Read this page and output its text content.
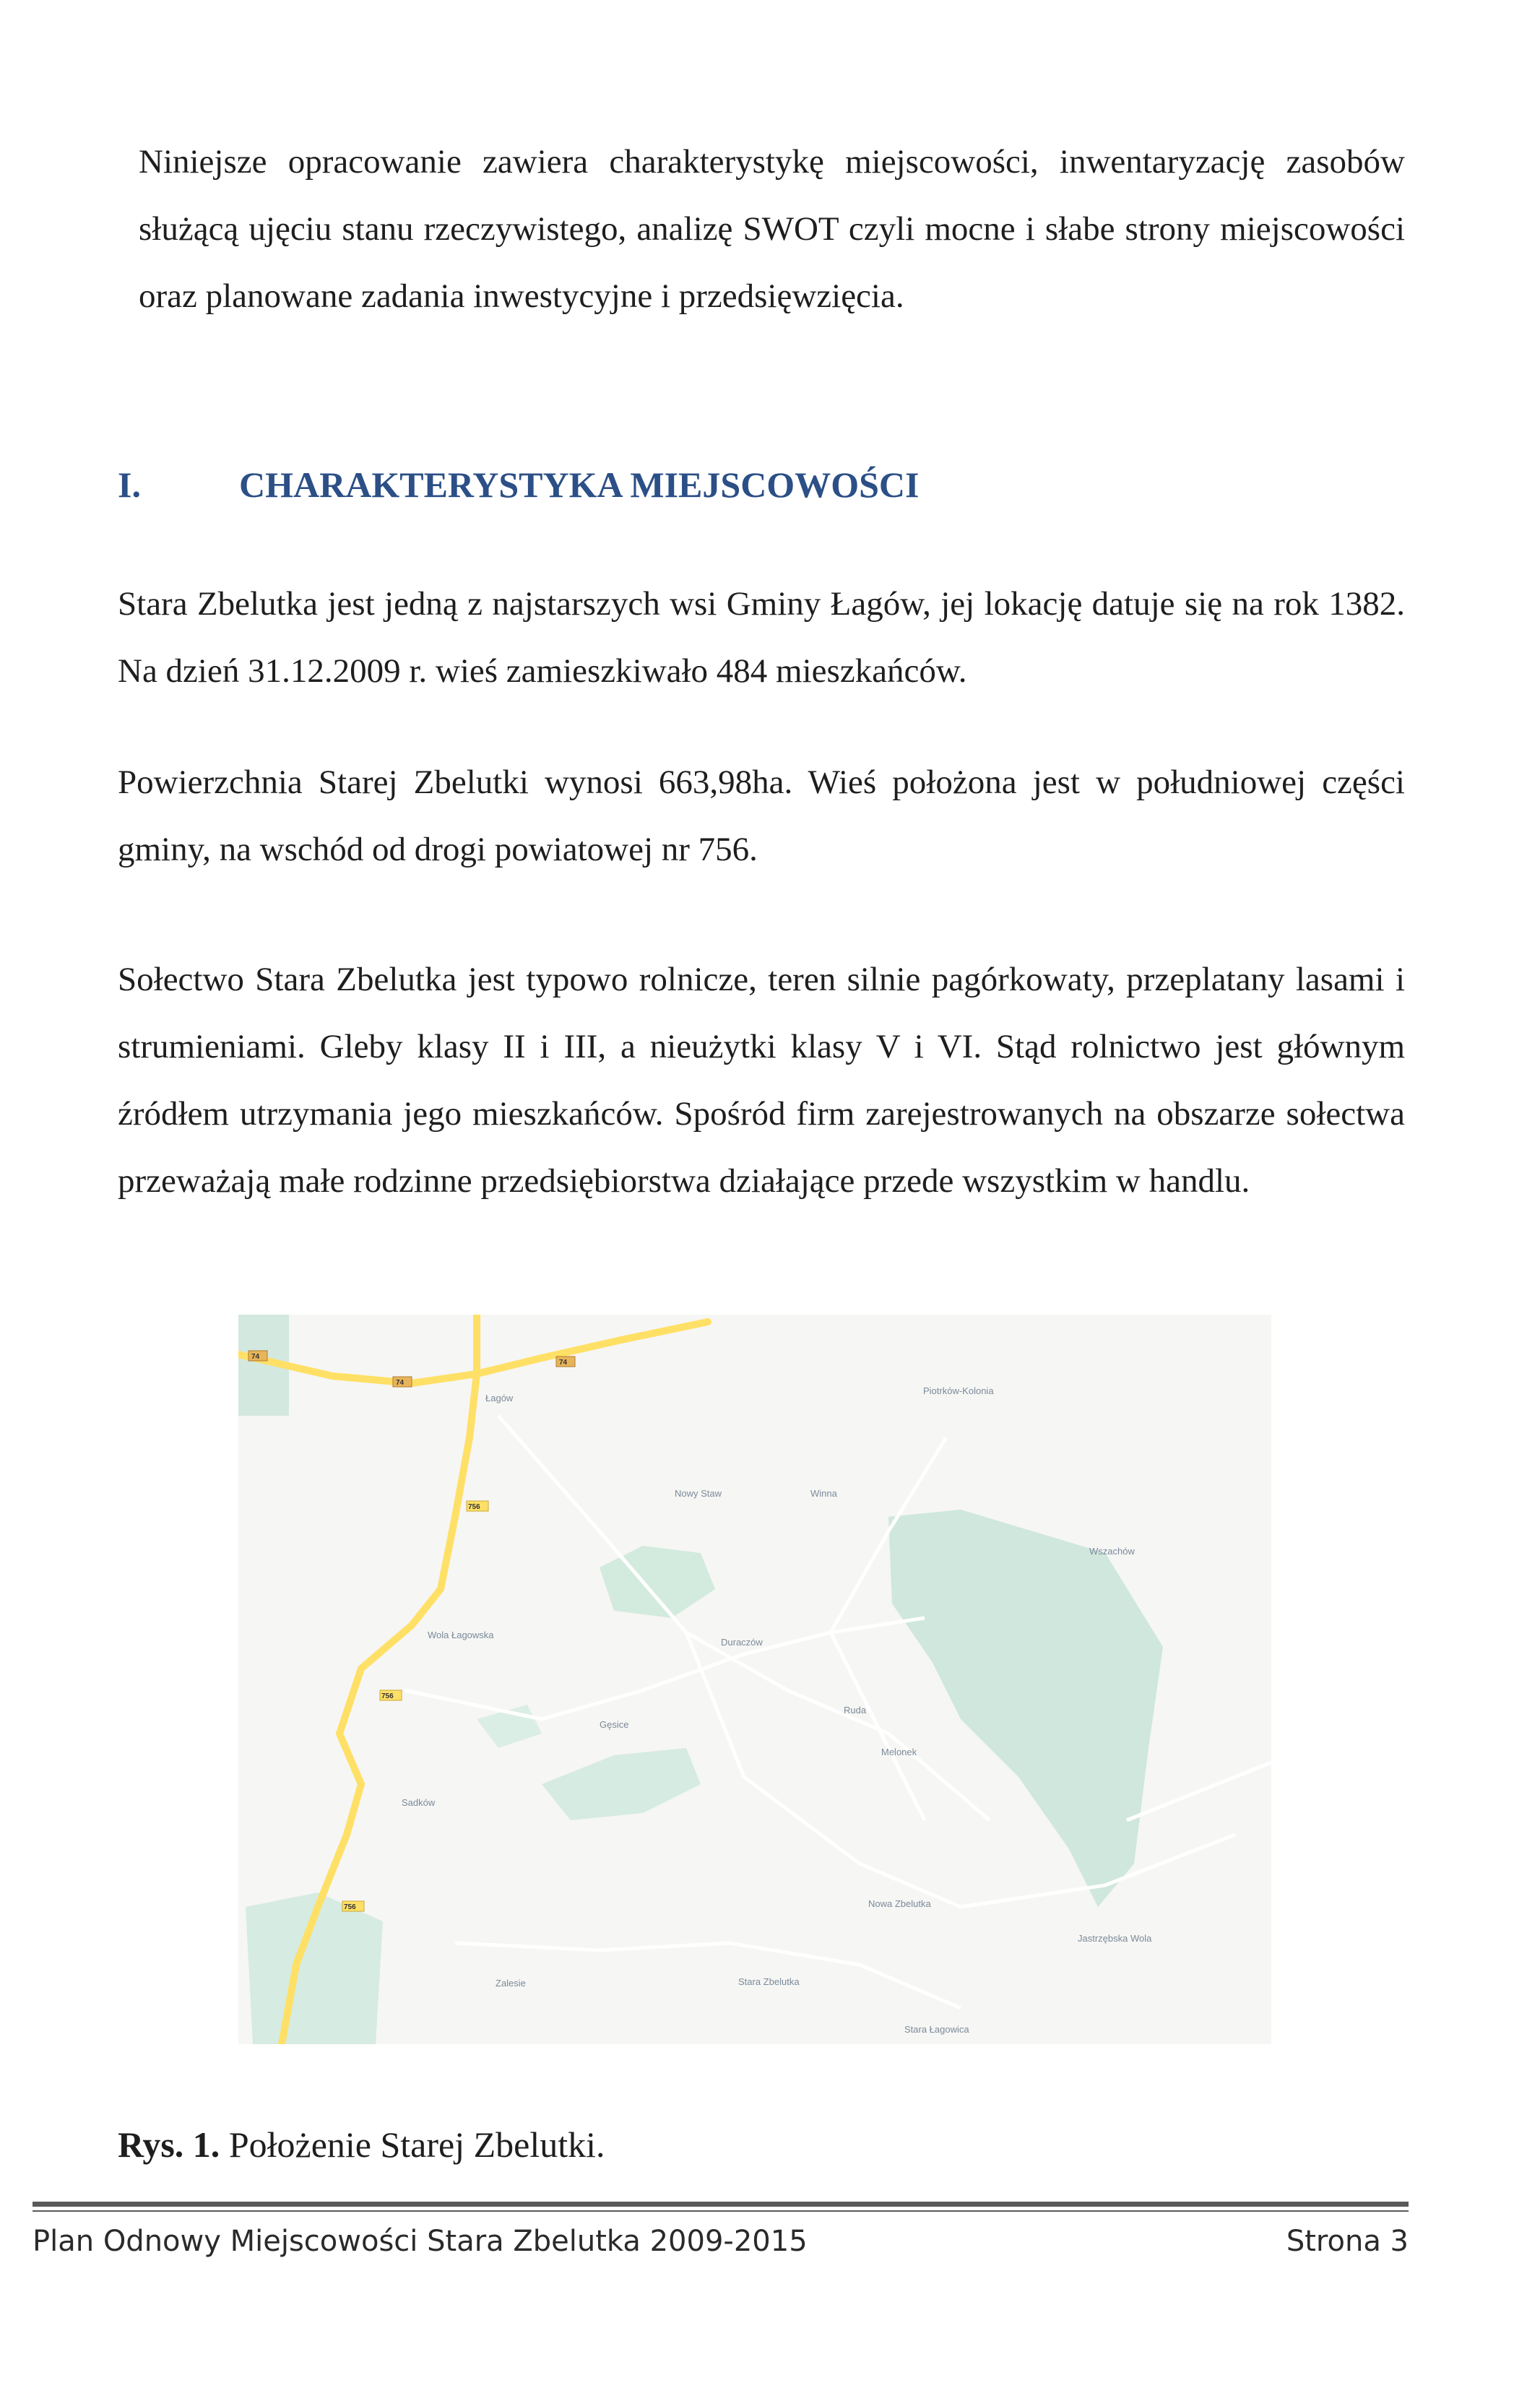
Niniejsze opracowanie zawiera charakterystykę miejscowości, inwentaryzację zasobów służącą ujęciu stanu rzeczywistego, analizę SWOT czyli mocne i słabe strony miejscowości oraz planowane zadania inwestycyjne i przedsięwzięcia.

I.	CHARAKTERYSTYKA MIEJSCOWOŚCI

Stara Zbelutka jest jedną z najstarszych wsi Gminy Łagów, jej lokację datuje się na rok 1382. Na dzień 31.12.2009 r. wieś zamieszkiwało 484 mieszkańców.

Powierzchnia Starej Zbelutki wynosi 663,98ha. Wieś położona jest w południowej części gminy, na wschód od drogi powiatowej nr 756.

Sołectwo Stara Zbelutka jest typowo rolnicze, teren silnie pagórkowaty, przeplatany lasami i strumieniami. Gleby klasy II i III, a nieużytki klasy V i VI. Stąd rolnictwo jest głównym źródłem utrzymania jego mieszkańców. Spośród firm zarejestrowanych na obszarze sołectwa przeważają małe rodzinne przedsiębiorstwa działające przede wszystkim w handlu.

74
74
74
756
756
756
Łagów
Piotrków-Kolonia
Nowy Staw	Winna
Wszachów
Wola Łagowska
Duraczów
Ruda
Gęsice
Melonek
Sadków
Nowa Zbelutka
Jastrzębska Wola
Zalesie	Stara Zbelutka
Stara Łagowica

Rys. 1. Położenie Starej Zbelutki.

Plan Odnowy Miejscowości Stara Zbelutka 2009-2015	Strona 3
